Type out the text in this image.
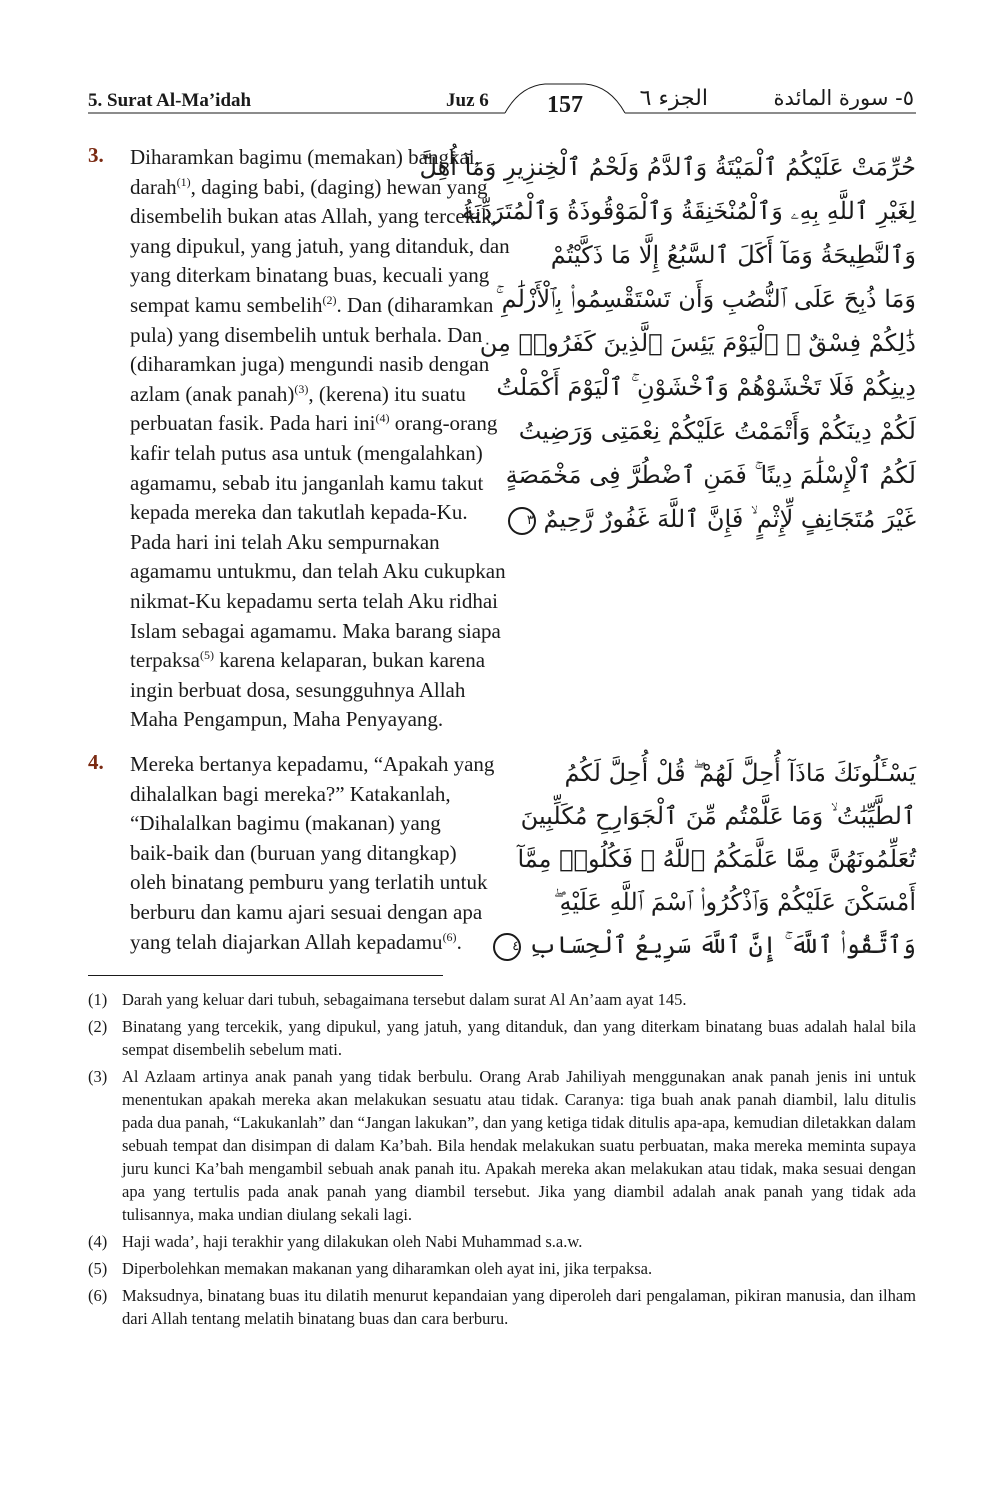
5. Surat Al-Ma’idah	Juz 6	157	الجزء ٦	٥- سورة المائدة
3. Diharamkan bagimu (memakan) bangkai,
darah$^{(1)}$, daging babi, (daging) hewan yang
disembelih bukan atas Allah, yang tercekik,
yang dipukul, yang jatuh, yang ditanduk, dan
yang diterkam binatang buas, kecuali yang
sempat kamu sembelih$^{(2)}$. Dan (diharamkan
pula) yang disembelih untuk berhala. Dan
(diharamkan juga) mengundi nasib dengan
azlam (anak panah)$^{(3)}$, (kerena) itu suatu
perbuatan fasik. Pada hari ini$^{(4)}$ orang-orang
kafir telah putus asa untuk (mengalahkan)
agamamu, sebab itu janganlah kamu takut
kepada mereka dan takutlah kepada-Ku.
Pada hari ini telah Aku sempurnakan
agamamu untukmu, dan telah Aku cukupkan
nikmat-Ku kepadamu serta telah Aku ridhai
Islam sebagai agamamu. Maka barang siapa
terpaksa$^{(5)}$ karena kelaparan, bukan karena
ingin berbuat dosa, sesungguhnya Allah
Maha Pengampun, Maha Penyayang.
حُرِّمَتْ عَلَيْكُمُ ٱلْمَيْتَةُ وَٱلدَّمُ وَلَحْمُ ٱلْخِنزِيرِ وَمَآ أُهِلَّ
لِغَيْرِ ٱللَّهِ بِهِۦ وَٱلْمُنْخَنِقَةُ وَٱلْمَوْقُوذَةُ وَٱلْمُتَرَدِّيَةُ
وَٱلنَّطِيحَةُ وَمَآ أَكَلَ ٱلسَّبُعُ إِلَّا مَا ذَكَّيْتُمْ
وَمَا ذُبِحَ عَلَى ٱلنُّصُبِ وَأَن تَسْتَقْسِمُوا۟ بِٱلْأَزْلَٰمِ ۚ
ذَٰلِكُمْ فِسْقٌ ۗ ٱلْيَوْمَ يَئِسَ ٱلَّذِينَ كَفَرُوا۟ مِن
دِينِكُمْ فَلَا تَخْشَوْهُمْ وَٱخْشَوْنِ ۚ ٱلْيَوْمَ أَكْمَلْتُ
لَكُمْ دِينَكُمْ وَأَتْمَمْتُ عَلَيْكُمْ نِعْمَتِى وَرَضِيتُ
لَكُمُ ٱلْإِسْلَٰمَ دِينًا ۚ فَمَنِ ٱضْطُرَّ فِى مَخْمَصَةٍ
غَيْرَ مُتَجَانِفٍ لِّإِثْمٍ ۙ فَإِنَّ ٱللَّهَ غَفُورٌ رَّحِيمٌ ٣
4. Mereka bertanya kepadamu, “Apakah yang
dihalalkan bagi mereka?” Katakanlah,
“Dihalalkan bagimu (makanan) yang
baik-baik dan (buruan yang ditangkap)
oleh binatang pemburu yang terlatih untuk
berburu dan kamu ajari sesuai dengan apa
yang telah diajarkan Allah kepadamu$^{(6)}$.
يَسْـَٔلُونَكَ مَاذَآ أُحِلَّ لَهُمْ ۖ قُلْ أُحِلَّ لَكُمُ
ٱلطَّيِّبَٰتُ ۙ وَمَا عَلَّمْتُم مِّنَ ٱلْجَوَارِحِ مُكَلِّبِينَ
تُعَلِّمُونَهُنَّ مِمَّا عَلَّمَكُمُ ٱللَّهُ ۖ فَكُلُوا۟ مِمَّآ
أَمْسَكْنَ عَلَيْكُمْ وَٱذْكُرُوا۟ ٱسْمَ ٱللَّهِ عَلَيْهِ ۖ
وَٱتَّقُوا۟ ٱللَّهَ ۚ إِنَّ ٱللَّهَ سَرِيعُ ٱلْحِسَابِ ٤
(1) Darah yang keluar dari tubuh, sebagaimana tersebut dalam surat Al An’aam ayat 145.
(2) Binatang yang tercekik, yang dipukul, yang jatuh, yang ditanduk, dan yang diterkam binatang buas adalah halal bila sempat disembelih sebelum mati.
(3) Al Azlaam artinya anak panah yang tidak berbulu. Orang Arab Jahiliyah menggunakan anak panah jenis ini untuk menentukan apakah mereka akan melakukan sesuatu atau tidak. Caranya: tiga buah anak panah diambil, lalu ditulis pada dua panah, “Lakukanlah” dan “Jangan lakukan”, dan yang ketiga tidak ditulis apa-apa, kemudian diletakkan dalam sebuah tempat dan disimpan di dalam Ka’bah. Bila hendak melakukan suatu perbuatan, maka mereka meminta supaya juru kunci Ka’bah mengambil sebuah anak panah itu. Apakah mereka akan melakukan atau tidak, maka sesuai dengan apa yang tertulis pada anak panah yang diambil tersebut. Jika yang diambil adalah anak panah yang tidak ada tulisannya, maka undian diulang sekali lagi.
(4) Haji wada’, haji terakhir yang dilakukan oleh Nabi Muhammad s.a.w.
(5) Diperbolehkan memakan makanan yang diharamkan oleh ayat ini, jika terpaksa.
(6) Maksudnya, binatang buas itu dilatih menurut kepandaian yang diperoleh dari pengalaman, pikiran manusia, dan ilham dari Allah tentang melatih binatang buas dan cara berburu.
